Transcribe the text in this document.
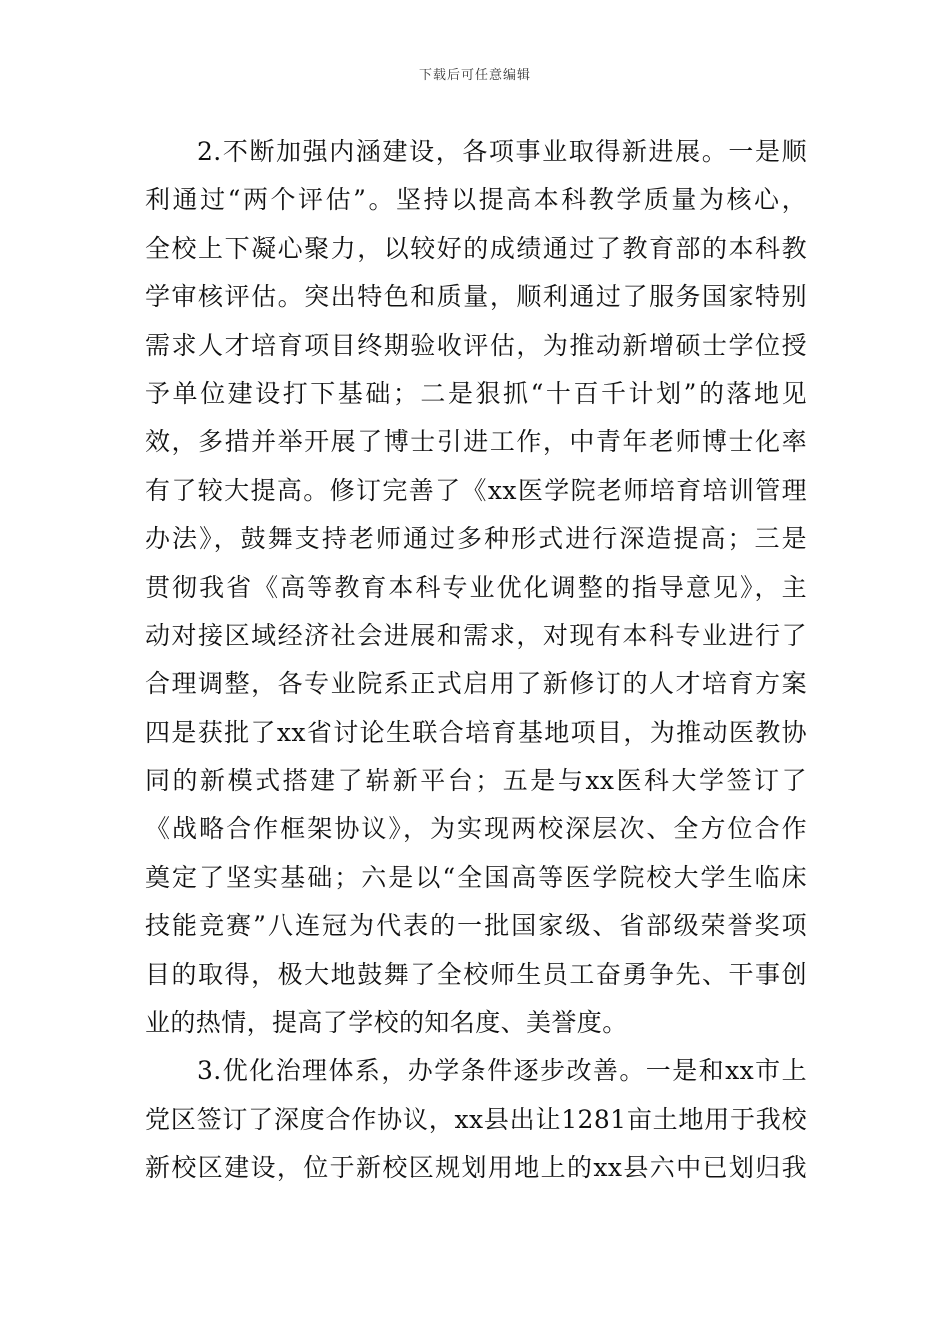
下载后可任意编辑
2.不断加强内涵建设，各项事业取得新进展。一是顺
利通过“两个评估”。坚持以提高本科教学质量为核心，
全校上下凝心聚力，以较好的成绩通过了教育部的本科教
学审核评估。突出特色和质量，顺利通过了服务国家特别
需求人才培育项目终期验收评估，为推动新增硕士学位授
予单位建设打下基础；二是狠抓“十百千计划”的落地见
效，多措并举开展了博士引进工作，中青年老师博士化率
有了较大提高。修订完善了《xx医学院老师培育培训管理
办法》，鼓舞支持老师通过多种形式进行深造提高；三是
贯彻我省《高等教育本科专业优化调整的指导意见》，主
动对接区域经济社会进展和需求，对现有本科专业进行了
合理调整，各专业院系正式启用了新修订的人才培育方案
四是获批了xx省讨论生联合培育基地项目，为推动医教协
同的新模式搭建了崭新平台；五是与xx医科大学签订了
《战略合作框架协议》，为实现两校深层次、全方位合作
奠定了坚实基础；六是以“全国高等医学院校大学生临床
技能竞赛”八连冠为代表的一批国家级、省部级荣誉奖项
目的取得，极大地鼓舞了全校师生员工奋勇争先、干事创
业的热情，提高了学校的知名度、美誉度。
3.优化治理体系，办学条件逐步改善。一是和xx市上
党区签订了深度合作协议，xx县出让1281亩土地用于我校
新校区建设，位于新校区规划用地上的xx县六中已划归我
